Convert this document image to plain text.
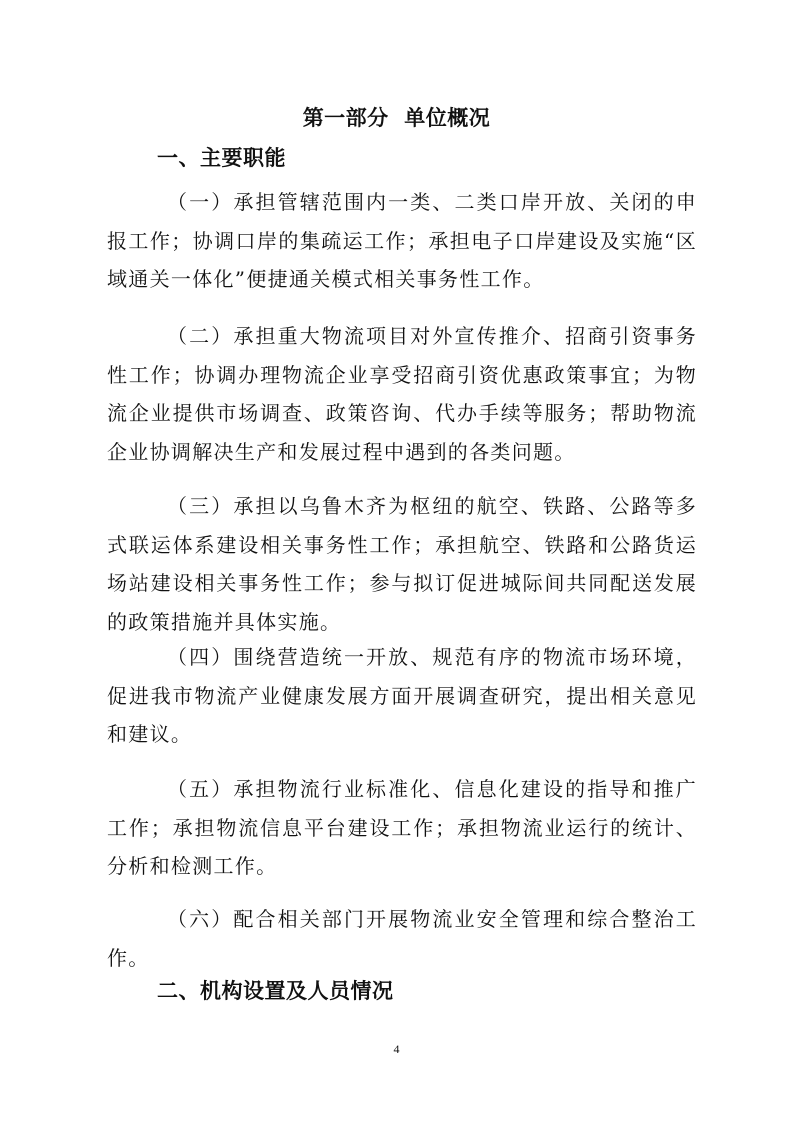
第一部分  单位概况
一、主要职能

（一）承担管辖范围内一类、二类口岸开放、关闭的申报工作；协调口岸的集疏运工作；承担电子口岸建设及实施“区域通关一体化”便捷通关模式相关事务性工作。

（二）承担重大物流项目对外宣传推介、招商引资事务性工作；协调办理物流企业享受招商引资优惠政策事宜；为物流企业提供市场调查、政策咨询、代办手续等服务；帮助物流企业协调解决生产和发展过程中遇到的各类问题。

（三）承担以乌鲁木齐为枢纽的航空、铁路、公路等多式联运体系建设相关事务性工作；承担航空、铁路和公路货运场站建设相关事务性工作；参与拟订促进城际间共同配送发展的政策措施并具体实施。

（四）围绕营造统一开放、规范有序的物流市场环境，促进我市物流产业健康发展方面开展调查研究，提出相关意见和建议。

（五）承担物流行业标准化、信息化建设的指导和推广工作；承担物流信息平台建设工作；承担物流业运行的统计、分析和检测工作。

（六）配合相关部门开展物流业安全管理和综合整治工作。

二、机构设置及人员情况
4
